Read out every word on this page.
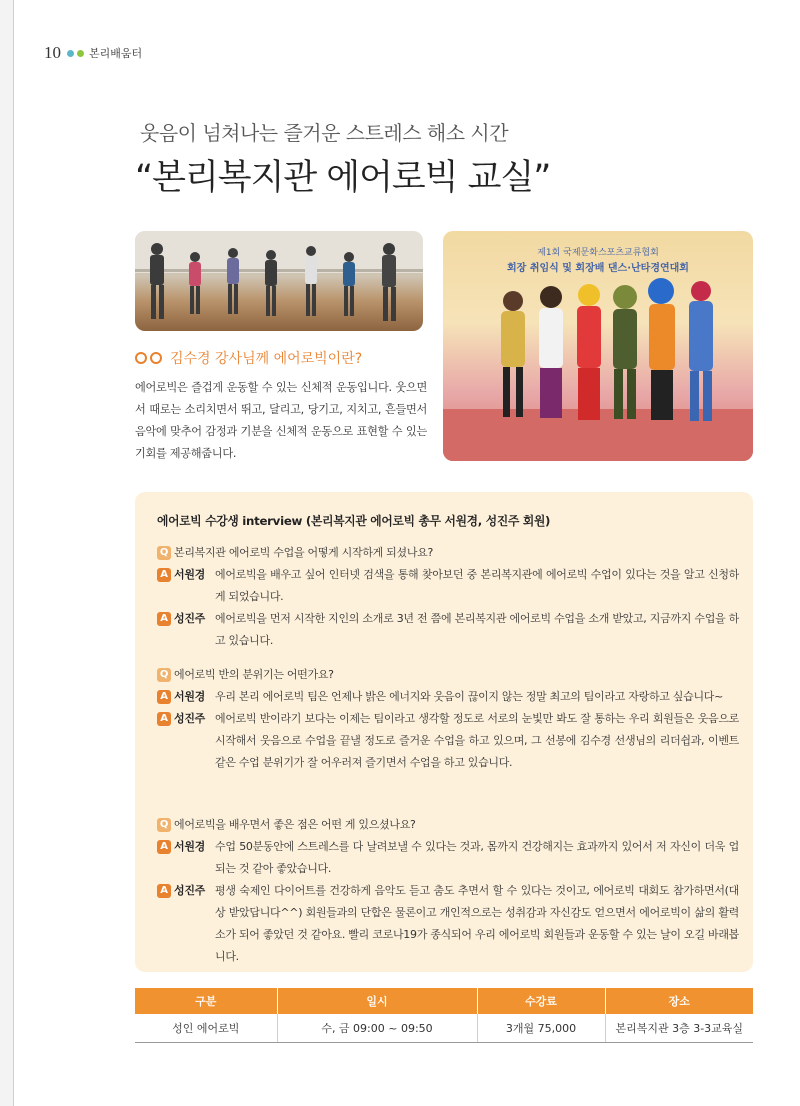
10	본리배움터
웃음이 넘쳐나는 즐거운 스트레스 해소 시간
“본리복지관 에어로빅 교실”
제1회 국제문화스포츠교류협회
회장 취임식 및 회장배 댄스·난타경연대회
김수경 강사님께 에어로빅이란?

에어로빅은 즐겁게 운동할 수 있는 신체적 운동입니다. 웃으면서 때로는 소리치면서 뛰고, 달리고, 당기고, 지치고, 흔들면서 음악에 맞추어 감정과 기분을 신체적 운동으로 표현할 수 있는 기회를 제공해줍니다.

에어로빅 수강생 interview (본리복지관 에어로빅 총무 서원경, 성진주 회원)
Q 본리복지관 에어로빅 수업을 어떻게 시작하게 되셨나요?
A 서원경 에어로빅을 배우고 싶어 인터넷 검색을 통해 찾아보던 중 본리복지관에 에어로빅 수업이 있다는 것을 알고 신청하게 되었습니다.
A 성진주 에어로빅을 먼저 시작한 지인의 소개로 3년 전 쯤에 본리복지관 에어로빅 수업을 소개 받았고, 지금까지 수업을 하고 있습니다.
Q 에어로빅 반의 분위기는 어떤가요?
A 서원경 우리 본리 에어로빅 팀은 언제나 밝은 에너지와 웃음이 끊이지 않는 정말 최고의 팀이라고 자랑하고 싶습니다~
A 성진주 에어로빅 반이라기 보다는 이제는 팀이라고 생각할 정도로 서로의 눈빛만 봐도 잘 통하는 우리 회원들은 웃음으로 시작해서 웃음으로 수업을 끝낼 정도로 즐거운 수업을 하고 있으며, 그 선봉에 김수경 선생님의 리더쉽과, 이벤트같은 수업 분위기가 잘 어우러져 즐기면서 수업을 하고 있습니다.
Q 에어로빅을 배우면서 좋은 점은 어떤 게 있으셨나요?
A 서원경 수업 50분동안에 스트레스를 다 날려보낼 수 있다는 것과, 몸까지 건강해지는 효과까지 있어서 저 자신이 더욱 업 되는 것 같아 좋았습니다.
A 성진주 평생 숙제인 다이어트를 건강하게 음악도 듣고 춤도 추면서 할 수 있다는 것이고, 에어로빅 대회도 참가하면서(대상 받았답니다^^) 회원들과의 단합은 물론이고 개인적으로는 성취감과 자신감도 얻으면서 에어로빅이 삶의 활력소가 되어 좋았던 것 같아요. 빨리 코로나19가 종식되어 우리 에어로빅 회원들과 운동할 수 있는 날이 오길 바래봅니다.
구분	일시	수강료	장소
성인 에어로빅	수, 금 09:00 ~ 09:50	3개월 75,000	본리복지관 3층 3-3교육실
